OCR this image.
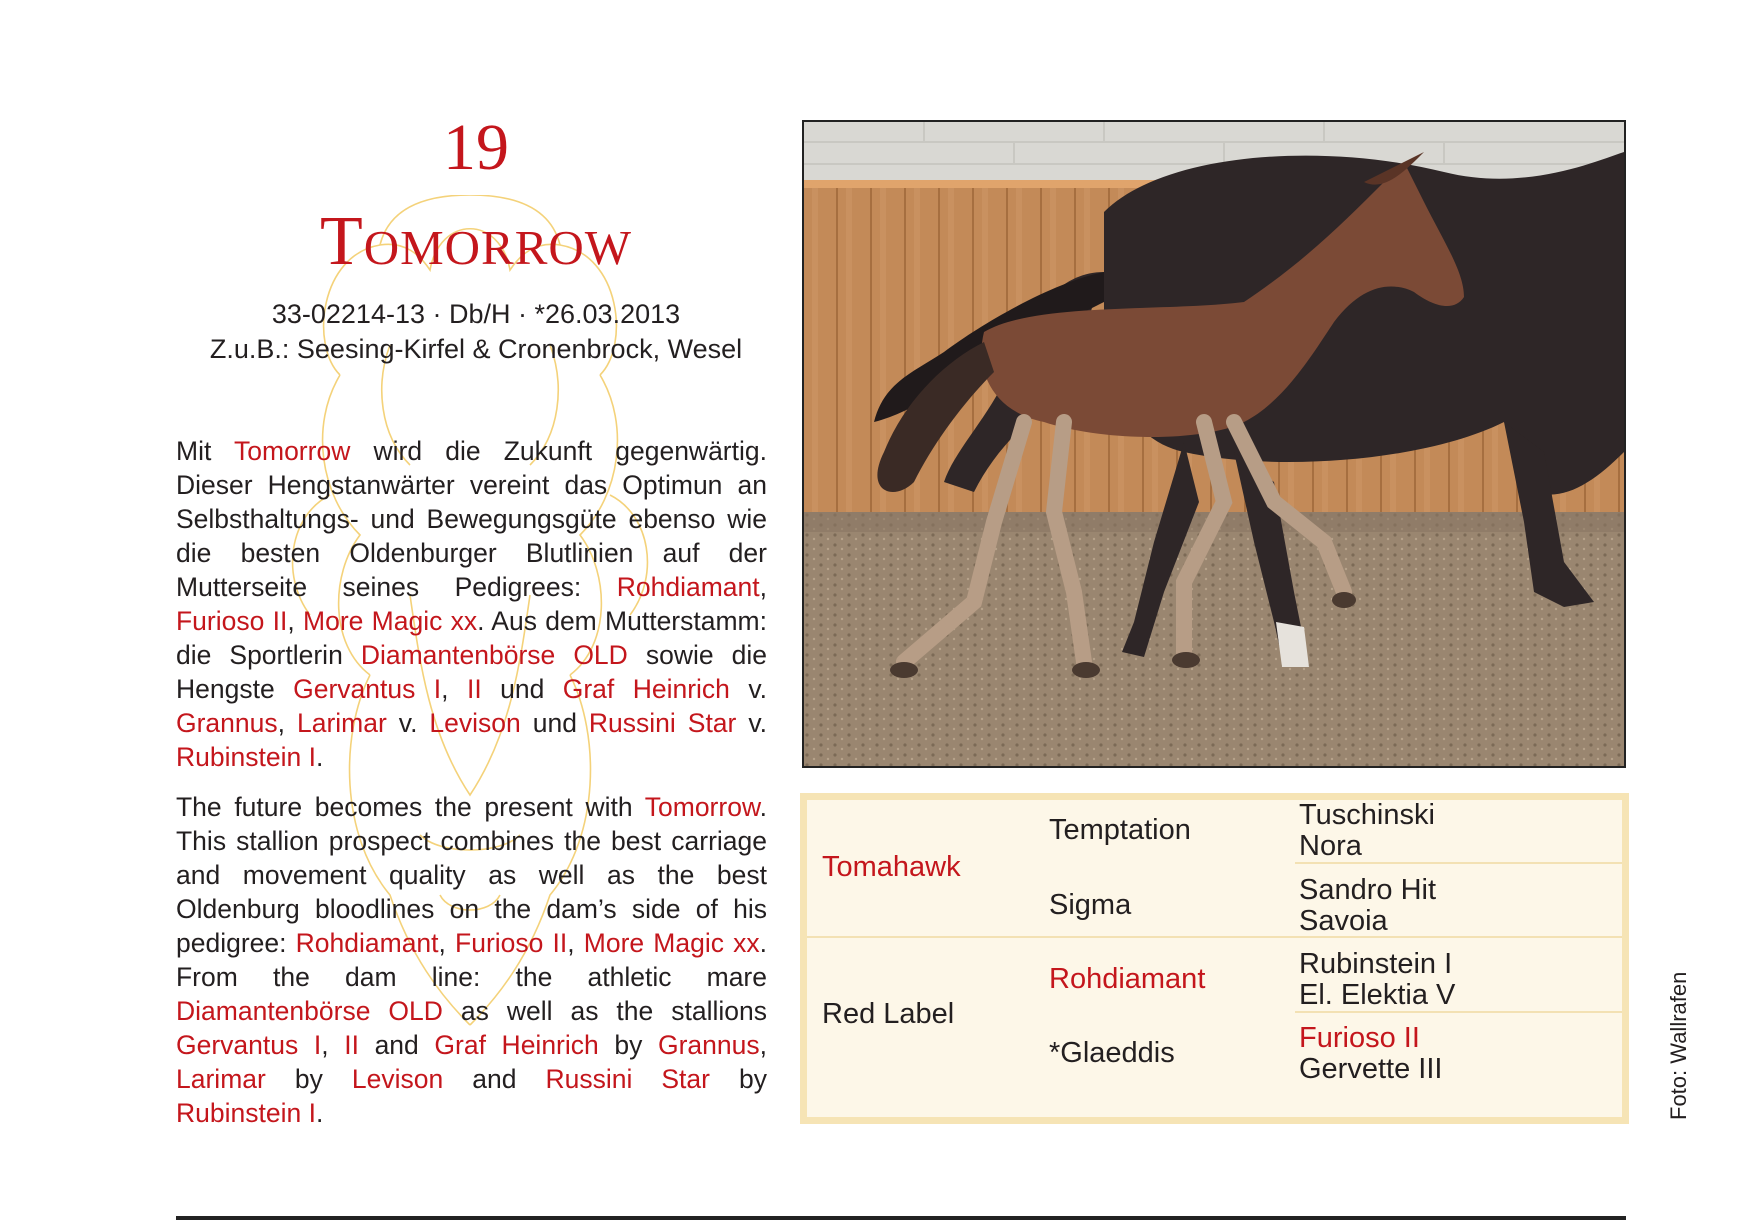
19
Tomorrow
33-02214-13 · Db/H · *26.03.2013
Z.u.B.: Seesing-Kirfel & Cronenbrock, Wesel
Mit Tomorrow wird die Zukunft gegenwärtig. Dieser Hengstanwärter vereint das Optimun an Selbsthaltungs- und Bewegungsgüte ebenso wie die besten Oldenburger Blutlinien auf der Mutterseite seines Pedigrees: Rohdiamant, Furioso II, More Magic xx. Aus dem Mutterstamm: die Sportlerin Diamantenbörse OLD sowie die Hengste Gervantus I, II und Graf Heinrich v. Grannus, Larimar v. Levison und Russini Star v. Rubinstein I.
The future becomes the present with Tomorrow. This stallion prospect combines the best carriage and movement quality as well as the best Oldenburg bloodlines on the dam’s side of his pedigree: Rohdiamant, Furioso II, More Magic xx. From the dam line: the athletic mare Diamantenbörse OLD as well as the stallions Gervantus I, II and Graf Heinrich by Grannus, Larimar by Levison and Russini Star by Rubinstein I.
Tomahawk
Temptation
Sigma
Tuschinski
Nora
Sandro Hit
Savoia
Red Label
Rohdiamant
*Glaeddis
Rubinstein I
El. Elektia V
Furioso II
Gervette III	Foto: Wallrafen
